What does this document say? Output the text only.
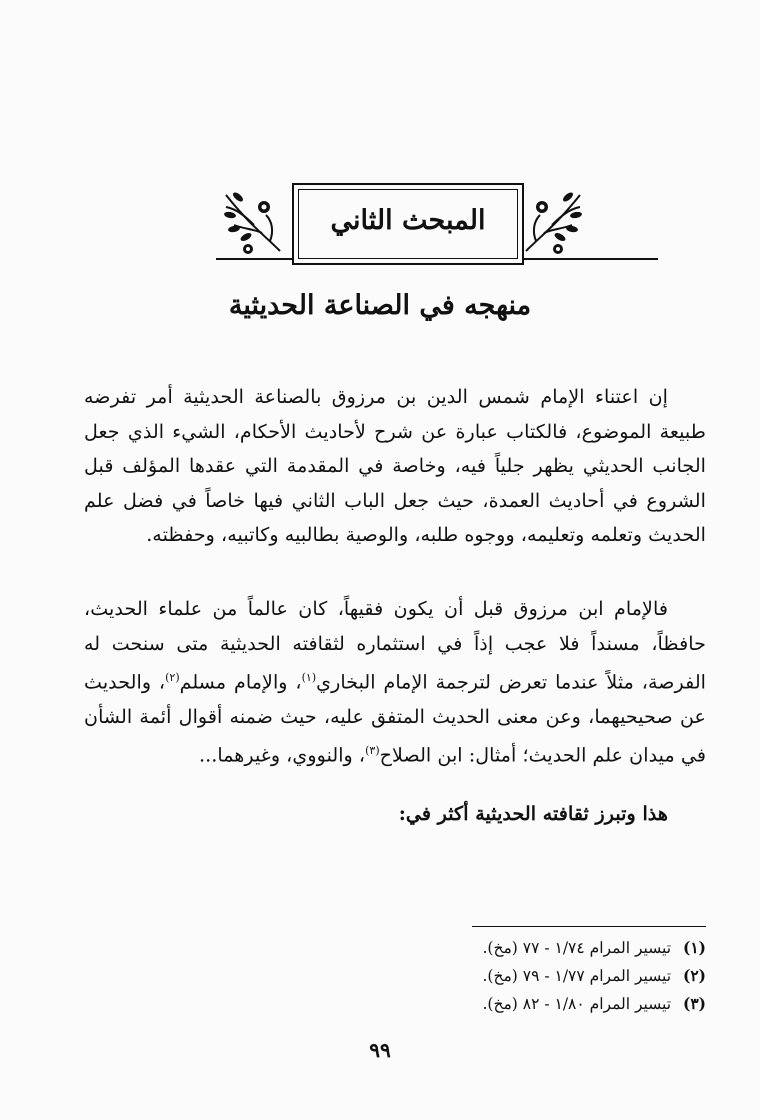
المبحث الثاني
منهجه في الصناعة الحديثية
إن اعتناء الإمام شمس الدين بن مرزوق بالصناعة الحديثية أمر تفرضه طبيعة الموضوع، فالكتاب عبارة عن شرح لأحاديث الأحكام، الشيء الذي جعل الجانب الحديثي يظهر جلياً فيه، وخاصة في المقدمة التي عقدها المؤلف قبل الشروع في أحاديث العمدة، حيث جعل الباب الثاني فيها خاصاً في فضل علم الحديث وتعلمه وتعليمه، ووجوه طلبه، والوصية بطالبيه وكاتبيه، وحفظته.
فالإمام ابن مرزوق قبل أن يكون فقيهاً، كان عالماً من علماء الحديث، حافظاً، مسنداً فلا عجب إذاً في استثماره لثقافته الحديثية متى سنحت له الفرصة، مثلاً عندما تعرض لترجمة الإمام البخاري$^{(١)}$، والإمام مسلم$^{(٢)}$، والحديث عن صحيحيهما، وعن معنى الحديث المتفق عليه، حيث ضمنه أقوال أئمة الشأن في ميدان علم الحديث؛ أمثال: ابن الصلاح$^{(٣)}$، والنووي، وغيرهما...
هذا وتبرز ثقافته الحديثية أكثر في:
(١) تيسير المرام ١/٧٤ - ٧٧ (مخ).
(٢) تيسير المرام ١/٧٧ - ٧٩ (مخ).
(٣) تيسير المرام ١/٨٠ - ٨٢ (مخ).
٩٩
